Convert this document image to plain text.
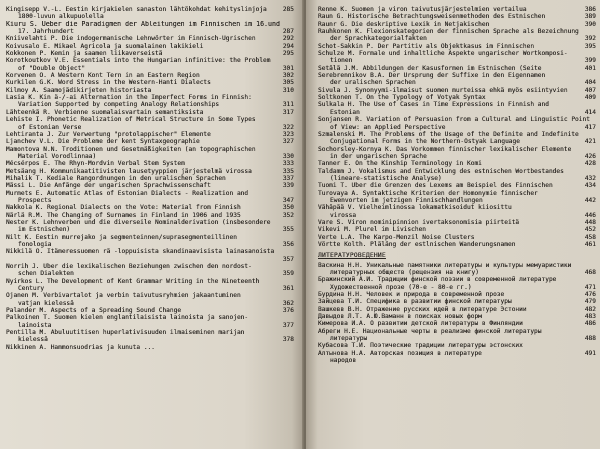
Kingisepp V.-L. Eestin kirjakielen sanaston lähtökohdat kehityslinjoja	285
1800-luvun alkupuolella
Kiuru S. Ueber die Paradigmen der Ableitungen im Finnischen im 16.und
17. Jahrhundert	287
Kniivelahti P. Die indogermanische Lehnwörter im Finnisch-Ugrischen	292
Koivusalo E. Mikael Agricola ja suomalainen lakikieli	294
Kokkonen P. Kemin ja saamen liikaverseistä	295
Korotkoutkov V.E. Essentials into the Hungarian infinitive: the Problem
of "Double Object"	301
Korvenen O. A Western Kont Tern in an Eastern Region	302
Kurkilen G.K. Word Stress in the Western-Hanti Dialects	305
Kilmoy A. Saamojädikirjeten historiasta	310
Lasia K. Kin ä-/-ai Alternation in the Imperfect Forms in Finnish:
Variation Supported by competing Analogy Relationships	311
Lähteenkä R. Verbienne suomalaisvartain semantiksista	317
Lehiste I. Phonetic Realization of Metrical Structure in Some Types
of Estonian Verse	322
Lehtiranta J. Zur Verwertung "protolappischer" Elemente	323
Ljanchev V.L. Die Probleme der kent Syntaxgeographie	327
Mamontova N.N. Troditionen und Gesetmäßigkeiten (an topographischen
Material Vorodlinnaa)	330
Mécsérpos E. The Rhyn-Mordvin Verbal Stem System	333
Metsäang H. Kommunikaatitivisten lausetyyppien järjestelmä virossa	335
Mihalik T. Kediale Rangordnungen in den uralischen Sprachen	337
Mässi L. Die Anfänge der ungarischen Sprachwissenschaft	339
Murmets E. Automatic Atlas of Estonian Dialects - Realization and
Prospects	347
Nakkola K. Regional Dialects on the Vote: Material from Finnish	350
Närlä R.M. The Changing of Surnames in Finland in 1906 and 1935	352
Nester K. Lehnverben und die diverseile Nominalderivation (insbesondere
im Estnischen)	355
Nilt K. Eestin murrejako ja segmenteinnen/suprasegmenteillinen
fonologia	356
Nikkilä O. Itämeressuomen rä -loppuisista skandinaavisista lainasanoista
357
Norrih J. Über die lexikalischen Beziehungen zwischen den nordost-
schen Dialekten	359
Nyirkos L. The Development of Kent Grammar Writing in the Nineteenth
Century	361
Ojanen M. Verbivartalot ja verbin taivutusryhmien jakaantuminen
vatjan kielessä	362
Palander M. Aspects of a Spreading Sound Change	376
Palkoinen T. Suomen kielen englantilaisista lainoista ja sanojen-
lainoista	377
Pentilla M. Abuluutitisen huperlativisuuden ilmaiseminen marijan
kielessä	378
Nikkinen A. Hammonsuodrias ja kunuta ...
Renne K. Suomen ja viron taivutusjärjestelmien vertailua	386
Raun G. Historische Betrachtungsweisenmethoden des Estnischen	389
Raunr G. Die deskriptive Lexik in Netjakischen	390
Rauhkonen K. Flexionskategorien der finnischen Sprache als Bezeichnung
der Sprachkategorialfakten	392
Schot-Sakkin P. Der Partitiv als Objektkasus im Finnischen	395
Schulze M. Formale und inhaltliche Aspekte ungarischer Wortkomposi-
tionen	399
Setälä J.M. Abbildungen der Kasusformen im Estnischen (Seite	401
Serebrennikov B.A. Der Ursprung der Suffixe in den Eigennamen
der uralischen Sprachen	404
Sivula J. Synonyymi-ilmaisut suomen murteissa ehkä myös esiintyvien	407
Soltkonen T. On the Typology of Votyak Syntax	409
Sulkala H. The Use of Cases in Time Expressions in Finnish and
Estonian	414
Sonjansen R. Variation of Persuasion from a Cultural and Linguistic Point
of View: an Applied Perspective	417
Szmalenski M. The Problems of the Usage of the Definite and Indefinite
Conjugational Forms in the Northern-Ostyak Language	421
Sochorsley-Kornya K. Das Vorkommen finnischer lexikalischer Elemente
in der ungarischen Sprache	426
Tanner E. On the Kinship Terminology in Komi	428
Taldamm J. Vokalismus and Entwicklung des estnischen Wortbestandes
(lineare-statistische Analyse)	432
Tuomi T. Über die Grenzen des Lexems am Beispiel des Finnischen	434
Turovaya A. Syntaktische Kriterien der Homonymie finnischer
Ewenvorten im jetzigen Finnischhandlungen	442
Vähäpää V. Vielheimlinossa lokamatkisoidut kiiosittu
virossa	446
Vare S. Viron nominipinnion ivertaksonomisia piirteitä	448
Vikevi M. Plurel im Livischen	452
Verte L.A. The Karpo-Menzil Noise Clusters	458
Vörtte Kolth. Pläläng der estlnischen Wanderungsnamen	461
ЛИТЕРАТУРОВЕДЕНИЕ
Васкина Н.Н. Уникальные памятники литературы и культуры мемуаристики
литературных обществ (рецензия на книгу)	468
Бражинский А.И. Традиции финской поэзии в современной литературе
Художественной прозе (70-е - 80-е гг.)	471
Бурдина Н.Н. Человек и природа в современной прозе	476
Зайцева Т.И. Специфика в развитии финской литературы	479
Вашкевв В.Н. Отражение русских идей в литературе Эстонии	482
Давыдов Л.Т. А.Ю.Ваманн в поисках новых форм	483
Кимерова И.А. О развитии детской литературы в Финляндии	486
Абреги Н.Е. Национальные черты в реализме финской литературы
литературы	488
Кубасова Т.И. Поэтические традиции литературы эстонских
Алтынова Н.А. Авторская позиция в литературе	491
народов
